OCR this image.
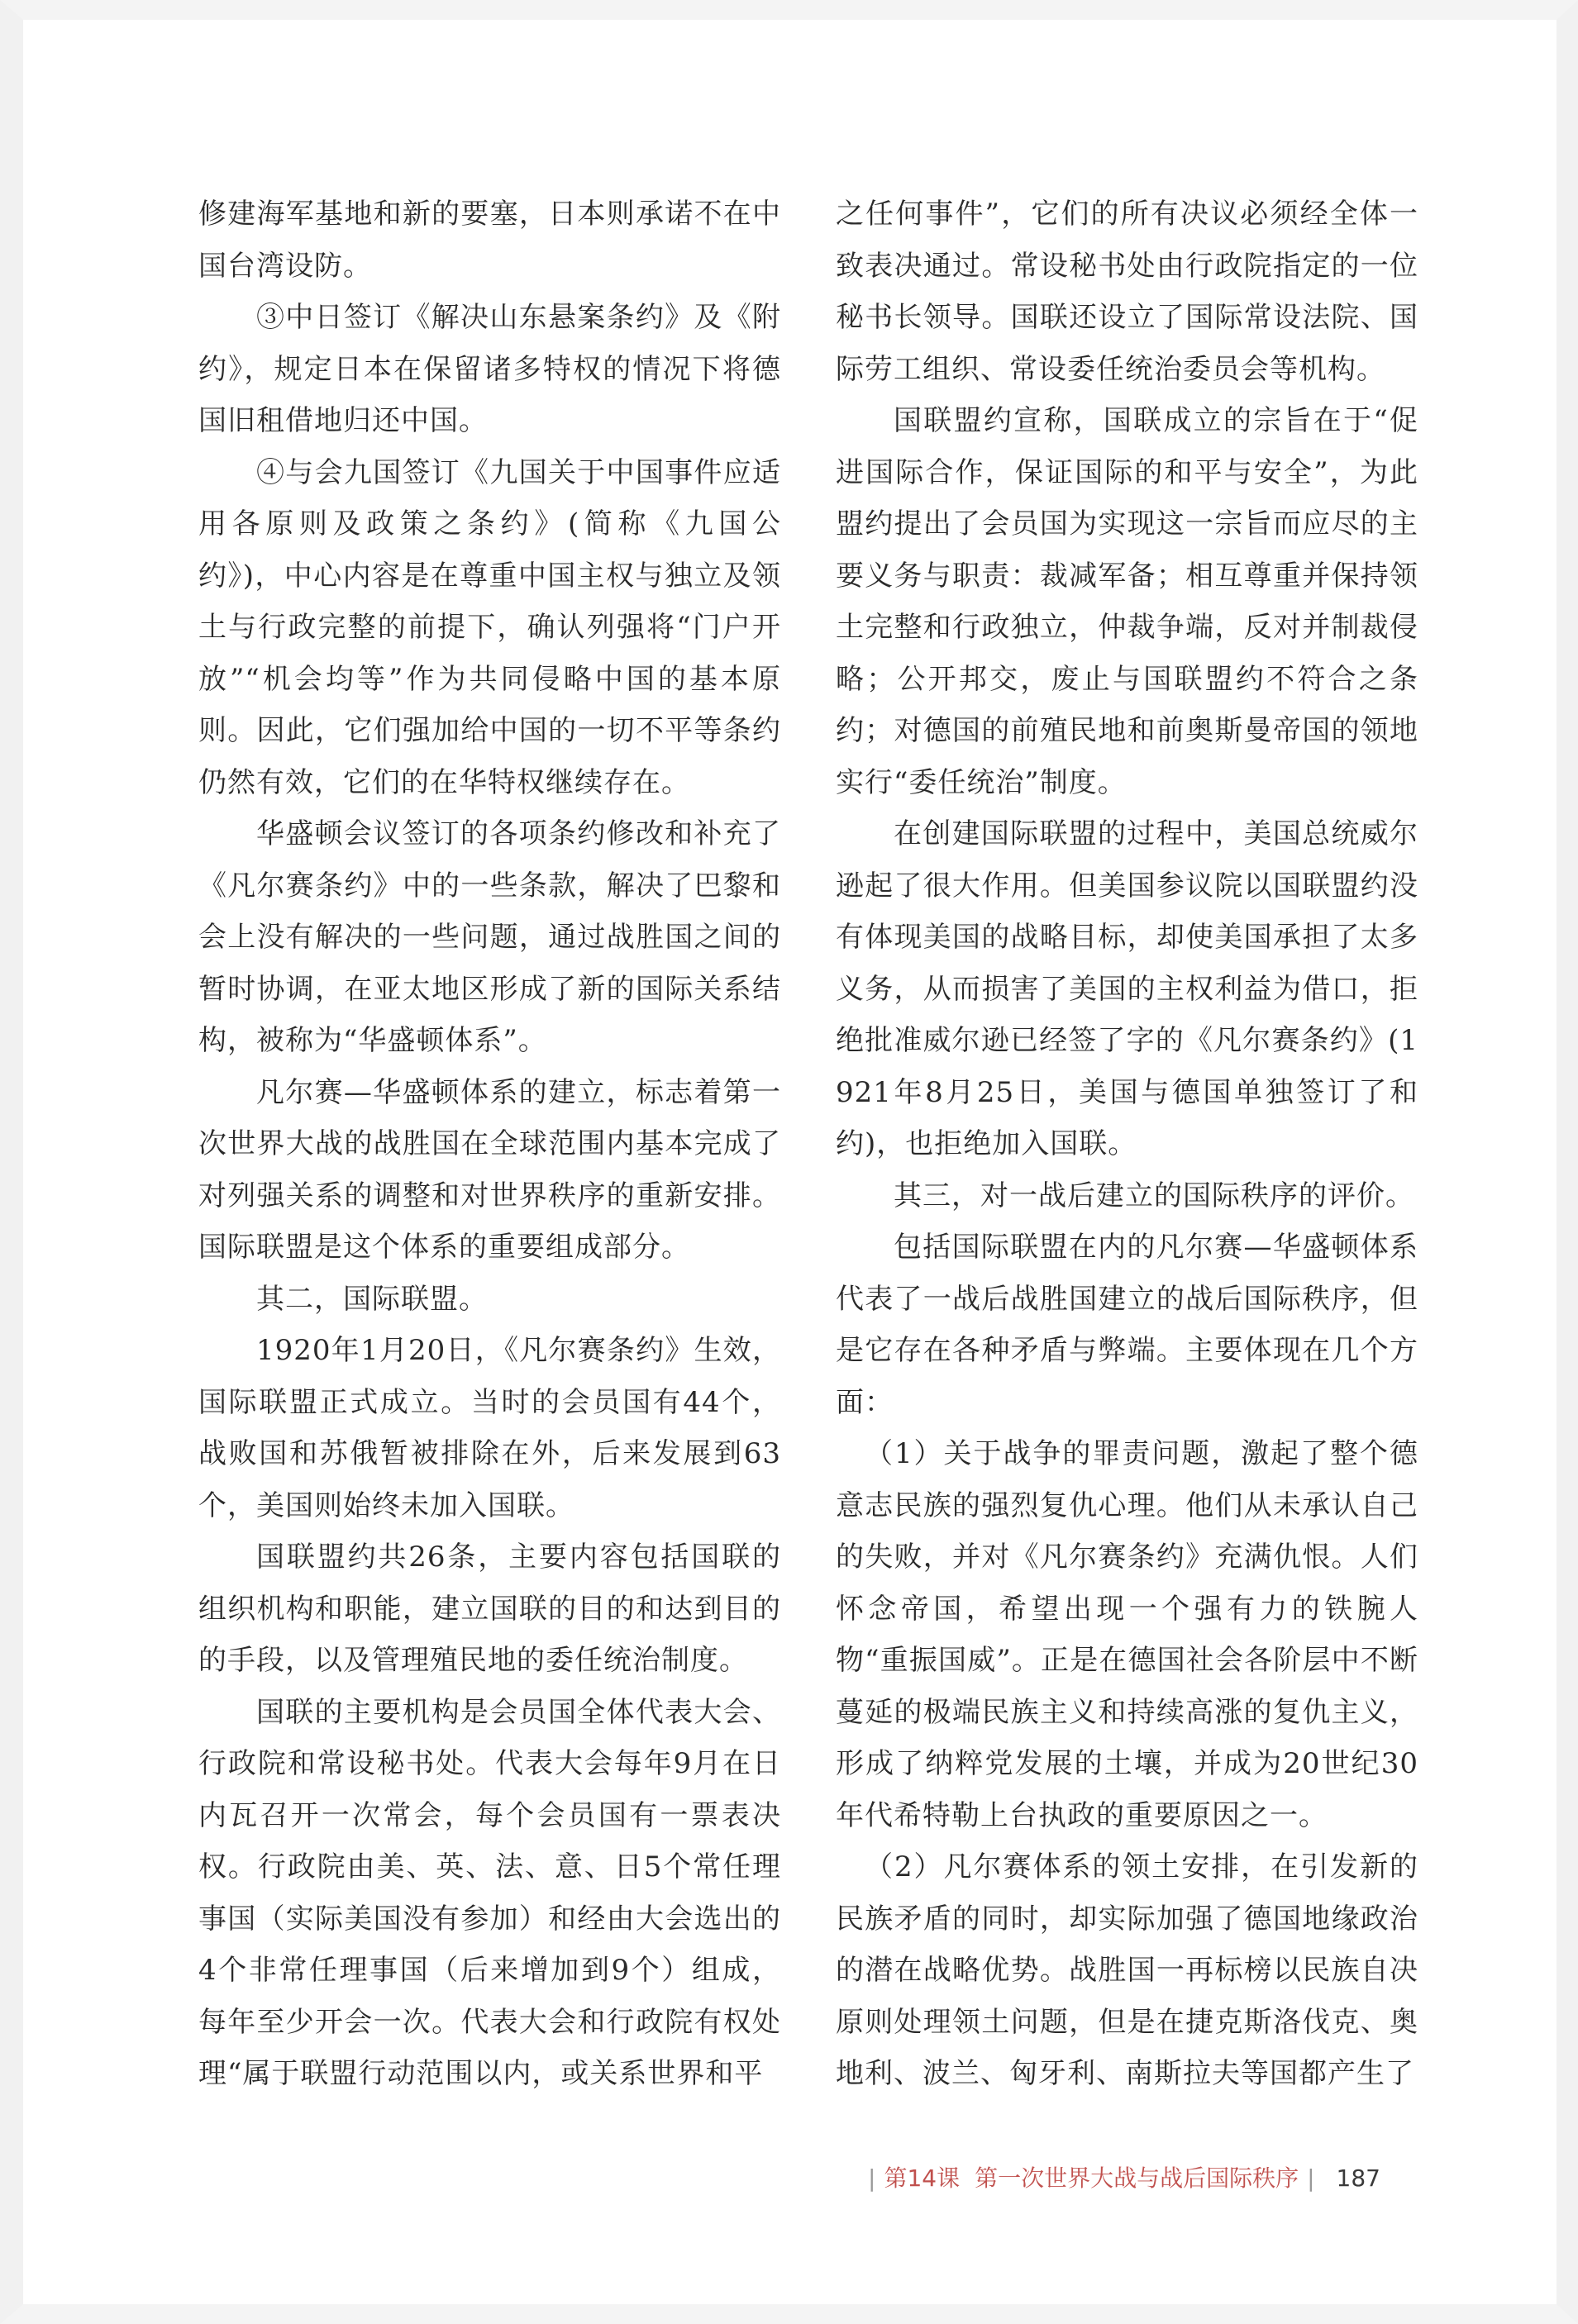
修建海军基地和新的要塞，日本则承诺不在中国台湾设防。

③中日签订《解决山东悬案条约》及《附约》，规定日本在保留诸多特权的情况下将德国旧租借地归还中国。

④与会九国签订《九国关于中国事件应适用各原则及政策之条约》(简称《九国公约》)，中心内容是在尊重中国主权与独立及领土与行政完整的前提下，确认列强将“门户开放”“机会均等”作为共同侵略中国的基本原则。因此，它们强加给中国的一切不平等条约仍然有效，它们的在华特权继续存在。

华盛顿会议签订的各项条约修改和补充了《凡尔赛条约》中的一些条款，解决了巴黎和会上没有解决的一些问题，通过战胜国之间的暂时协调，在亚太地区形成了新的国际关系结构，被称为“华盛顿体系”。

凡尔赛—华盛顿体系的建立，标志着第一次世界大战的战胜国在全球范围内基本完成了对列强关系的调整和对世界秩序的重新安排。国际联盟是这个体系的重要组成部分。

其二，国际联盟。

1920年1月20日，《凡尔赛条约》生效，国际联盟正式成立。当时的会员国有44个，战败国和苏俄暂被排除在外，后来发展到63个，美国则始终未加入国联。

国联盟约共26条，主要内容包括国联的组织机构和职能，建立国联的目的和达到目的的手段，以及管理殖民地的委任统治制度。

国联的主要机构是会员国全体代表大会、行政院和常设秘书处。代表大会每年9月在日内瓦召开一次常会，每个会员国有一票表决权。行政院由美、英、法、意、日5个常任理事国（实际美国没有参加）和经由大会选出的4个非常任理事国（后来增加到9个）组成，每年至少开会一次。代表大会和行政院有权处理“属于联盟行动范围以内，或关系世界和平

之任何事件”，它们的所有决议必须经全体一致表决通过。常设秘书处由行政院指定的一位秘书长领导。国联还设立了国际常设法院、国际劳工组织、常设委任统治委员会等机构。

国联盟约宣称，国联成立的宗旨在于“促进国际合作，保证国际的和平与安全”，为此盟约提出了会员国为实现这一宗旨而应尽的主要义务与职责：裁减军备；相互尊重并保持领土完整和行政独立，仲裁争端，反对并制裁侵略；公开邦交，废止与国联盟约不符合之条约；对德国的前殖民地和前奥斯曼帝国的领地实行“委任统治”制度。

在创建国际联盟的过程中，美国总统威尔逊起了很大作用。但美国参议院以国联盟约没有体现美国的战略目标，却使美国承担了太多义务，从而损害了美国的主权利益为借口，拒绝批准威尔逊已经签了字的《凡尔赛条约》(1921年8月25日，美国与德国单独签订了和约)，也拒绝加入国联。

其三，对一战后建立的国际秩序的评价。

包括国际联盟在内的凡尔赛—华盛顿体系代表了一战后战胜国建立的战后国际秩序，但是它存在各种矛盾与弊端。主要体现在几个方面：

（1）关于战争的罪责问题，激起了整个德意志民族的强烈复仇心理。他们从未承认自己的失败，并对《凡尔赛条约》充满仇恨。人们怀念帝国，希望出现一个强有力的铁腕人物“重振国威”。正是在德国社会各阶层中不断蔓延的极端民族主义和持续高涨的复仇主义，形成了纳粹党发展的土壤，并成为20世纪30年代希特勒上台执政的重要原因之一。

（2）凡尔赛体系的领土安排，在引发新的民族矛盾的同时，却实际加强了德国地缘政治的潜在战略优势。战胜国一再标榜以民族自决原则处理领土问题，但是在捷克斯洛伐克、奥地利、波兰、匈牙利、南斯拉夫等国都产生了

| 第14课 第一次世界大战与战后国际秩序 | 187
